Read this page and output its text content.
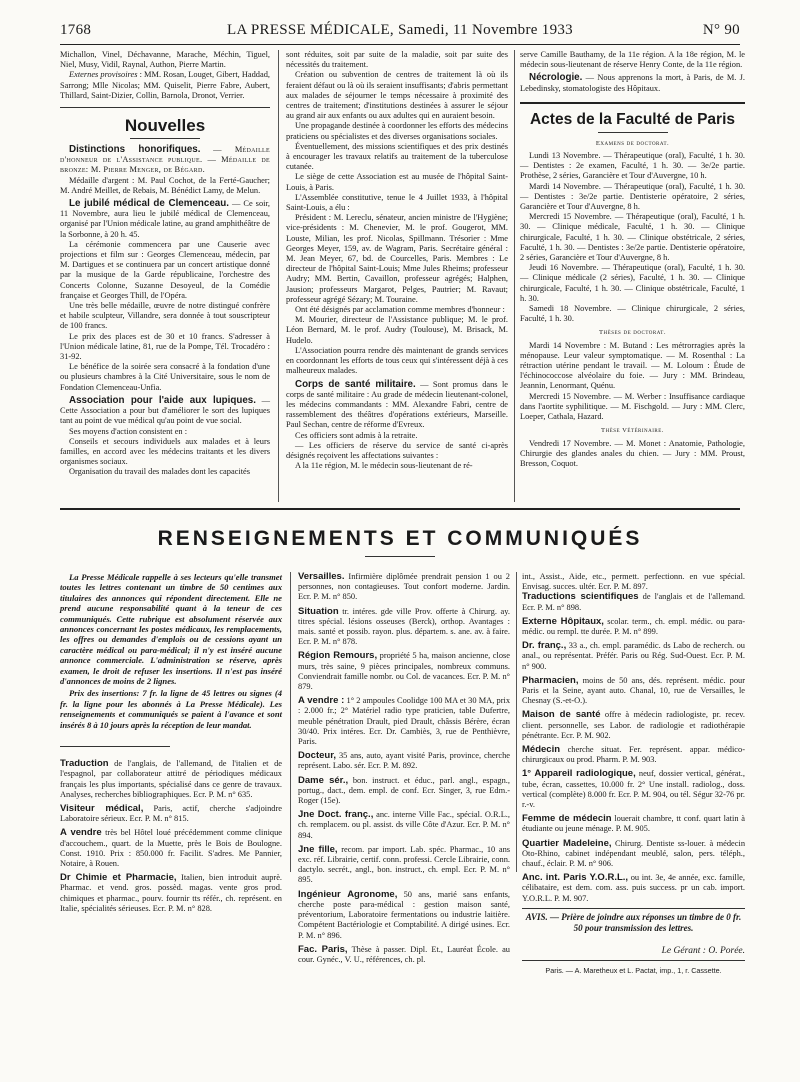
1768	LA PRESSE MÉDICALE, Samedi, 11 Novembre 1933	N° 90

Michallon, Vinel, Déchavanne, Marache, Méchin, Tiguel, Niel, Musy, Vidil, Raynal, Authon, Pierre Martin.

Externes provisoires : MM. Rosan, Louget, Gibert, Haddad, Sarrong; Mlle Nicolas; MM. Quiselit, Pierre Fabre, Aubert, Thillard, Saint-Dizier, Collin, Barnola, Dronot, Verrier.

Nouvelles

Distinctions honorifiques. — Médaille d'honneur de l'Assistance publique. — Médaille de bronze: M. Pierre Menger, de Bégard.

Médaille d'argent : M. Paul Cochot, de la Ferté-Gaucher; M. André Meillet, de Rebais, M. Bénédict Lamy, de Melun.

Le jubilé médical de Clemenceau. — Ce soir, 11 Novembre, aura lieu le jubilé médical de Clemenceau, organisé par l'Union médicale latine, au grand amphithéâtre de la Sorbonne, à 20 h. 45.

La cérémonie commencera par une Causerie avec projections et film sur : Georges Clemenceau, médecin, par M. Dartigues et se continuera par un concert artistique donné par la musique de la Garde républicaine, l'orchestre des Concerts Colonne, Suzanne Desoyeul, de la Comédie française et Georges Thill, de l'Opéra.

Une très belle médaille, œuvre de notre distingué confrère et habile sculpteur, Villandre, sera donnée à tout souscripteur de 100 francs.

Le prix des places est de 30 et 10 francs. S'adresser à l'Union médicale latine, 81, rue de la Pompe, Tél. Trocadéro : 31-92.

Le bénéfice de la soirée sera consacré à la fondation d'une ou plusieurs chambres à la Cité Universitaire, sous le nom de Fondation Clemenceau-Unfia.

Association pour l'aide aux lupiques. — Cette Association a pour but d'améliorer le sort des lupiques tant au point de vue médical qu'au point de vue social.

Ses moyens d'action consistent en :

Conseils et secours individuels aux malades et à leurs familles, en accord avec les médecins traitants et les divers organismes sociaux.

Organisation du travail des malades dont les capacités

sont réduites, soit par suite de la maladie, soit par suite des nécessités du traitement.

Création ou subvention de centres de traitement là où ils feraient défaut ou là où ils seraient insuffisants; d'abris permettant aux malades de séjourner le temps nécessaire à proximité des centres de traitement; d'institutions destinées à assurer le séjour au grand air aux enfants ou aux adultes qui en auraient besoin.

Une propagande destinée à coordonner les efforts des médecins praticiens ou spécialistes et des diverses organisations sociales.

Éventuellement, des missions scientifiques et des prix destinés à encourager les travaux relatifs au traitement de la tuberculose cutanée.

Le siège de cette Association est au musée de l'hôpital Saint-Louis, à Paris.

L'Assemblée constitutive, tenue le 4 Juillet 1933, à l'hôpital Saint-Louis, a élu :

Président : M. Lereclu, sénateur, ancien ministre de l'Hygiène; vice-présidents : M. Chenevier, M. le prof. Gougerot, MM. Louste, Milian, les prof. Nicolas, Spillmann. Trésorier : Mme Georges Meyer, 159, av. de Wagram, Paris. Secrétaire général : M. Jean Meyer, 67, bd. de Courcelles, Paris. Membres : Le directeur de l'hôpital Saint-Louis; Mme Jules Rheims; professeur Audry; MM. Bertin, Cavaillon, professeur agrégés; Halphen, Jausion; professeurs Margarot, Pelges, Pautrier; M. Ravaut; professeur agrégé Sézary; M. Touraine.

Ont été désignés par acclamation comme membres d'honneur :

M. Mourier, directeur de l'Assistance publique; M. le prof. Léon Bernard, M. le prof. Audry (Toulouse), M. Brisack, M. Hudelo.

L'Association pourra rendre dès maintenant de grands services en coordonnant les efforts de tous ceux qui s'intéressent déjà à ces malheureux malades.

Corps de santé militaire. — Sont promus dans le corps de santé militaire : Au grade de médecin lieutenant-colonel, les médecins commandants : MM. Alexandre Fabri, centre de rassemblement des théâtres d'opérations extérieurs, Marseille. Paul Sechan, centre de réforme d'Evreux.

Ces officiers sont admis à la retraite.

— Les officiers de réserve du service de santé ci-après désignés reçoivent les affectations suivantes :

A la 11e région, M. le médecin sous-lieutenant de ré-

serve Camille Bauthamy, de la 11e région. A la 18e région, M. le médecin sous-lieutenant de réserve Henry Conte, de la 11e région.

Nécrologie. — Nous apprenons la mort, à Paris, de M. J. Lebedinsky, stomatologiste des Hôpitaux.

Actes de la Faculté de Paris
Examens de doctorat.

Lundi 13 Novembre. — Thérapeutique (oral), Faculté, 1 h. 30. — Dentistes : 2e examen, Faculté, 1 h. 30. — 3e/2e partie. Prothèse, 2 séries, Garancière et Tour d'Auvergne, 10 h.

Mardi 14 Novembre. — Thérapeutique (oral), Faculté, 1 h. 30. — Dentistes : 3e/2e partie. Dentisterie opératoire, 2 séries, Garancière et Tour d'Auvergne, 8 h.

Mercredi 15 Novembre. — Thérapeutique (oral), Faculté, 1 h. 30. — Clinique médicale, Faculté, 1 h. 30. — Clinique chirurgicale, Faculté, 1 h. 30. — Clinique obstétricale, 2 séries, Faculté, 1 h. 30. — Dentistes : 3e/2e partie. Dentisterie opératoire, 2 séries, Garancière et Tour d'Auvergne, 8 h.

Jeudi 16 Novembre. — Thérapeutique (oral), Faculté, 1 h. 30. — Clinique médicale (2 séries), Faculté, 1 h. 30. — Clinique chirurgicale, Faculté, 1 h. 30. — Clinique obstétricale, Faculté, 1 h. 30.

Samedi 18 Novembre. — Clinique chirurgicale, 2 séries, Faculté, 1 h. 30.

Thèses de doctorat.

Mardi 14 Novembre : M. Butand : Les métrorragies après la ménopause. Leur valeur symptomatique. — M. Rosenthal : La rétraction utérine pendant le travail. — M. Loloum : Étude de l'échinococcose alvéolaire du foie. — Jury : MM. Brindeau, Jeannin, Lenormant, Quénu.

Mercredi 15 Novembre. — M. Werber : Insuffisance cardiaque dans l'aortite syphilitique. — M. Fischgold. — Jury : MM. Clerc, Loeper, Cathala, Hazard.

Thèse Vétérinaire.

Vendredi 17 Novembre. — M. Monet : Anatomie, Pathologie, Chirurgie des glandes anales du chien. — Jury : MM. Proust, Bresson, Coquot.

RENSEIGNEMENTS ET COMMUNIQUÉS

La Presse Médicale rappelle à ses lecteurs qu'elle transmet toutes les lettres contenant un timbre de 50 centimes aux titulaires des annonces qui répondent directement. Elle ne prend aucune responsabilité quant à la teneur de ces communiqués. Cette rubrique est absolument réservée aux annonces concernant les postes médicaux, les remplacements, les offres ou demandes d'emplois ou de cessions ayant un caractère médical ou para-médical; il n'y est inséré aucune annonce commerciale. L'administration se réserve, après examen, le droit de refuser les insertions. Il n'est pas inséré d'annonces de moins de 2 lignes.

Prix des insertions: 7 fr. la ligne de 45 lettres ou signes (4 fr. la ligne pour les abonnés à La Presse Médicale). Les renseignements et communiqués se paient à l'avance et sont insérés 8 à 10 jours après la réception de leur mandat.

Traduction de l'anglais, de l'allemand, de l'italien et de l'espagnol, par collaborateur attitré de périodiques médicaux français les plus importants, spécialisé dans ce genre de travaux. Analyses, recherches bibliographiques. Ecr. P. M. n° 635.

Visiteur médical, Paris, actif, cherche s'adjoindre Laboratoire sérieux. Ecr. P. M. n° 815.

A vendre très bel Hôtel loué précédemment comme clinique d'accouchem., quart. de la Muette, près le Bois de Boulogne. Const. 1910. Prix : 850.000 fr. Facilit. S'adres. Me Pannier, Notaire, à Rouen.

Dr Chimie et Pharmacie, Italien, bien introduit auprè. Pharmac. et vend. gros. possèd. magas. vente gros prod. chimiques et pharmac., pourv. fournir tts référ., ch. représent. en Italie, spécialités sérieuses. Ecr. P. M. n° 828.

Versailles. Infirmière diplômée prendrait pension 1 ou 2 personnes, non contagieuses. Tout confort moderne. Jardin. Ecr. P. M. n° 850.

Situation tr. intéres. gde ville Prov. offerte à Chirurg. ay. titres spécial. lésions osseuses (Berck), orthop. Avantages : mais. santé et possib. rayon. plus. départem. s. ane. av. à faire. Ecr. P. M. n° 878.

Région Remours, propriété 5 ha, maison ancienne, close murs, très saine, 9 pièces principales, nombreux communs. Conviendrait famille nombr. ou Col. de vacances. Ecr. P. M. n° 879.

A vendre : 1° 2 ampoules Coolidge 100 MA et 30 MA, prix : 2.000 fr.; 2° Matériel radio type praticien, table Dufertre, meuble pénétration Drault, pied Drault, châssis Bérère, écran 30/40. Prix intéres. Ecr. Dr. Cambiès, 3, rue de Penthièvre, Paris.

Docteur, 35 ans, auto, ayant visité Paris, province, cherche représent. Labo. sér. Ecr. P. M. 892.

Dame sér., bon. instruct. et éduc., parl. angl., espagn., portug., dact., dem. empl. de conf. Ecr. Singer, 3, rue Edm.-Roger (15e).

Jne Doct. franç., anc. interne Ville Fac., spécial. O.R.L., ch. remplacem. ou pl. assist. ds ville Côte d'Azur. Ecr. P. M. n° 894.

Jne fille, recom. par import. Lab. spéc. Pharmac., 10 ans exc. réf. Librairie, certif. conn. professi. Cercle Librairie, conn. dactylo. secrét., angl., bon. instruct., ch. empl. Ecr. P. M. n° 895.

Ingénieur Agronome, 50 ans, marié sans enfants, cherche poste para-médical : gestion maison santé, préventorium, Laboratoire fermentations ou industrie laitière. Compétent Bactériologie et Comptabilité. A dirigé usines. Ecr. P. M. n° 896.

Fac. Paris, Thèse à passer. Dipl. Et., Lauréat École. au cour. Gynéc., V. U., références, ch. pl.

int., Assist., Aide, etc., permett. perfectionn. en vue spécial. Envisag. succes. ultér. Ecr. P. M. 897.

Traductions scientifiques de l'anglais et de l'allemand. Ecr. P. M. n° 898.

Externe Hôpitaux, scolar. term., ch. empl. médic. ou para-médic. ou rempl. tte durée. P. M. n° 899.

Dr. franç., 33 a., ch. empl. paramédic. ds Labo de recherch. ou anal., ou représentat. Préfér. Paris ou Rég. Sud-Ouest. Ecr. P. M. n° 900.

Pharmacien, moins de 50 ans, dés. représent. médic. pour Paris et la Seine, ayant auto. Chanal, 10, rue de Versailles, le Chesnay (S.-et-O.).

Maison de santé offre à médecin radiologiste, pr. recev. client. personnelle, ses Labor. de radiologie et radiothérapie pénétrante. Ecr. P. M. 902.

Médecin cherche situat. Fer. représent. appar. médico-chirurgicaux ou prod. Pharm. P. M. 903.

1° Appareil radiologique, neuf, dossier vertical, générat., tube, écran, cassettes, 10.000 fr. 2° Une install. radiolog., doss. vertical (complète) 8.000 fr. Ecr. P. M. 904, ou tél. Ségur 32-76 pr. r.-v.

Femme de médecin louerait chambre, tt conf. quart latin à étudiante ou jeune ménage. P. M. 905.

Quartier Madeleine, Chirurg. Dentiste ss-louer. à médecin Oto-Rhino, cabinet indépendant meublé, salon, pers. téléph., chauf., éclair. P. M. n° 906.

Anc. int. Paris Y.O.R.L., ou int. 3e, 4e année, exc. famille, célibataire, est dem. com. ass. puis success. pr un cab. import. Y.O.R.L. P. M. 907.

AVIS. — Prière de joindre aux réponses un timbre de 0 fr. 50 pour transmission des lettres.
Le Gérant : O. Porée.
Paris. — A. Maretheux et L. Pactat, imp., 1, r. Cassette.
